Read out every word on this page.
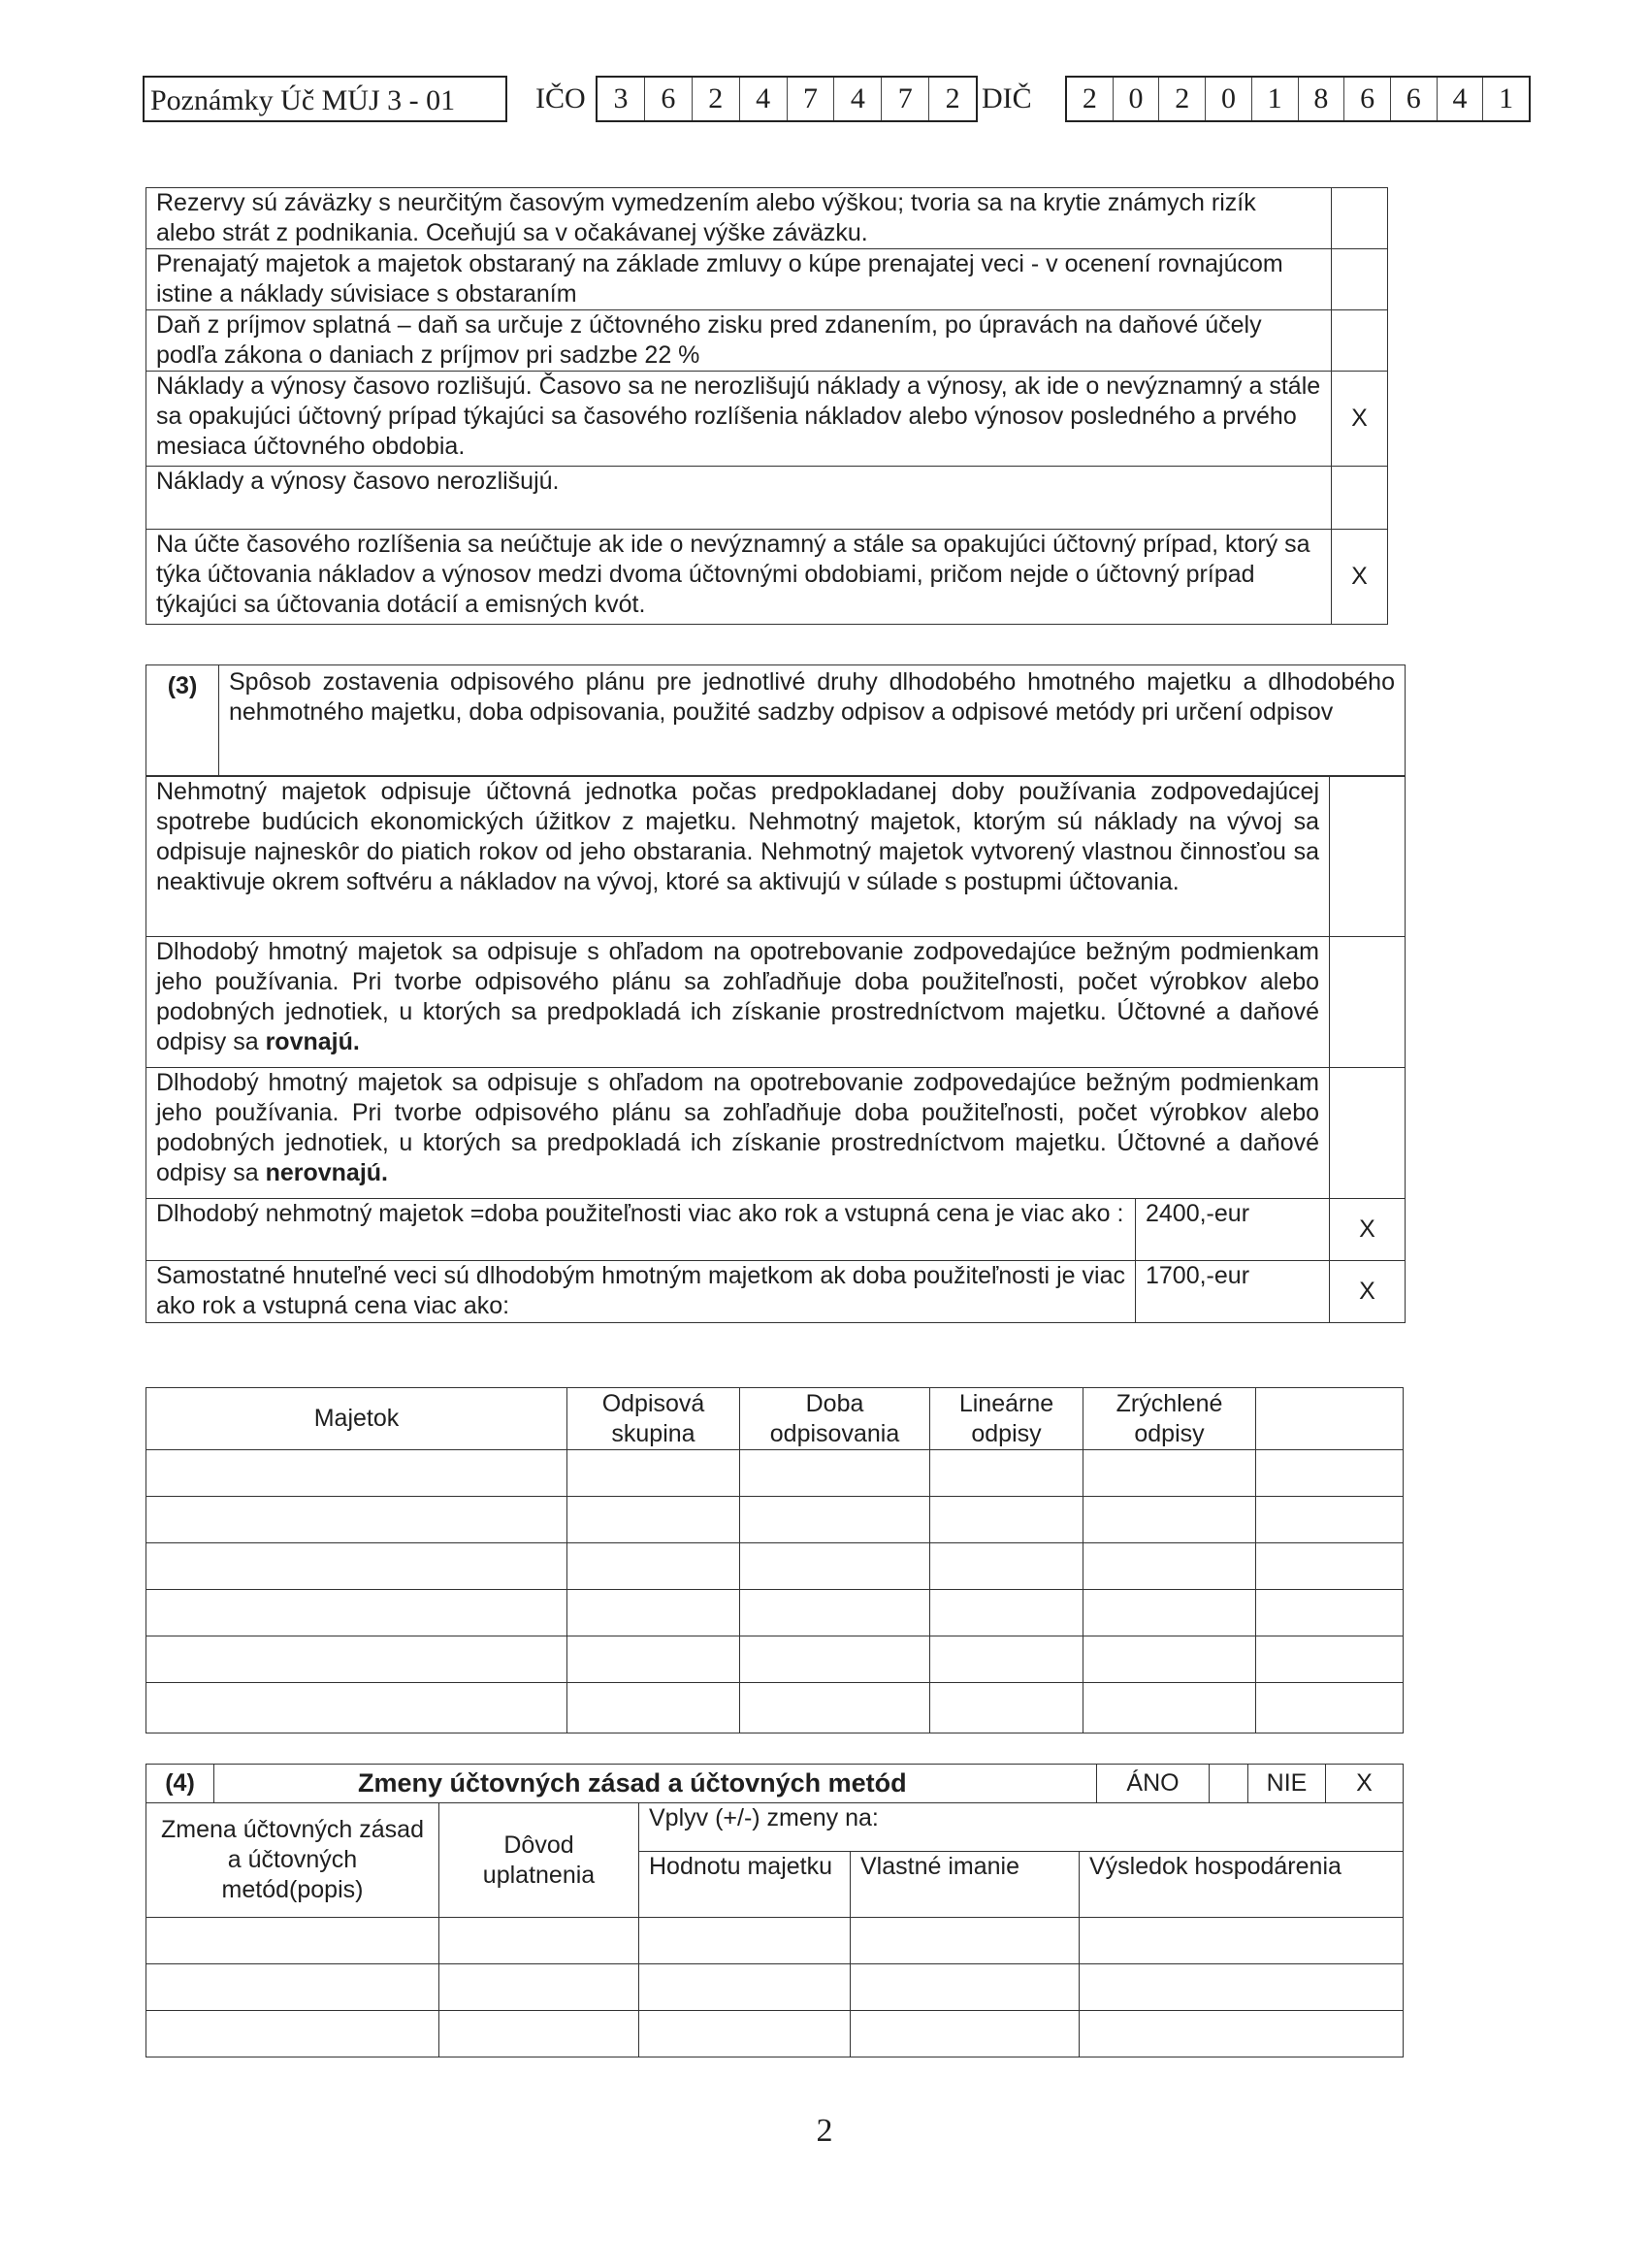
Poznámky Úč MÚJ 3 - 01	IČO 3	6	2	4	7	4	7	2 DIČ	2	0	2	0	1	8	6	6	4	1
Rezervy sú záväzky s neurčitým časovým vymedzením alebo výškou; tvoria sa na krytie známych rizík alebo strát z podnikania. Oceňujú sa v očakávanej výške záväzku.	
Prenajatý majetok a majetok obstaraný na základe zmluvy o kúpe prenajatej veci - v ocenení rovnajúcom istine a náklady súvisiace s obstaraním	
Daň z príjmov splatná – daň sa určuje z účtovného zisku pred zdanením, po úpravách na daňové účely podľa zákona o daniach z príjmov pri sadzbe 22 %	
Náklady a výnosy časovo rozlišujú. Časovo sa ne nerozlišujú náklady a výnosy, ak ide o nevýznamný a stále sa opakujúci účtovný prípad týkajúci sa časového rozlíšenia nákladov alebo výnosov posledného a prvého mesiaca účtovného obdobia.	X
Náklady a výnosy časovo nerozlišujú.	
Na účte časového rozlíšenia sa neúčtuje ak ide o nevýznamný a stále sa opakujúci účtovný prípad, ktorý sa týka účtovania nákladov a výnosov medzi dvoma účtovnými obdobiami, pričom nejde o účtovný prípad týkajúci sa účtovania dotácií a emisných kvót.	X
(3)	Spôsob zostavenia odpisového plánu pre jednotlivé druhy dlhodobého hmotného majetku a dlhodobého nehmotného majetku, doba odpisovania, použité sadzby odpisov a odpisové metódy pri určení odpisov
Nehmotný majetok odpisuje účtovná jednotka počas predpokladanej doby používania zodpovedajúcej spotrebe budúcich ekonomických úžitkov z majetku. Nehmotný majetok, ktorým sú náklady na vývoj sa odpisuje najneskôr do piatich rokov od jeho obstarania. Nehmotný majetok vytvorený vlastnou činnosťou sa neaktivuje okrem softvéru a nákladov na vývoj, ktoré sa aktivujú v súlade s postupmi účtovania.		
Dlhodobý hmotný majetok sa odpisuje s ohľadom na opotrebovanie zodpovedajúce bežným podmienkam jeho používania. Pri tvorbe odpisového plánu sa zohľadňuje doba použiteľnosti, počet výrobkov alebo podobných jednotiek, u ktorých sa predpokladá ich získanie prostredníctvom majetku. Účtovné a daňové odpisy sa rovnajú.		
Dlhodobý hmotný majetok sa odpisuje s ohľadom na opotrebovanie zodpovedajúce bežným podmienkam jeho používania. Pri tvorbe odpisového plánu sa zohľadňuje doba použiteľnosti, počet výrobkov alebo podobných jednotiek, u ktorých sa predpokladá ich získanie prostredníctvom majetku. Účtovné a daňové odpisy sa nerovnajú.		
Dlhodobý nehmotný majetok =doba použiteľnosti viac ako rok a vstupná cena je viac ako :	2400,-eur	X
Samostatné hnuteľné veci sú dlhodobým hmotným majetkom ak doba použiteľnosti je viac ako rok a vstupná cena viac ako:	1700,-eur	X
Majetok	Odpisová skupina	Doba odpisovania	Lineárne odpisy	Zrýchlené odpisy	

(4)	Zmeny účtovných zásad a účtovných metód	ÁNO		NIE	X
Zmena účtovných zásad a účtovných metód(popis)	Dôvod uplatnenia	Vplyv (+/-) zmeny na:		
		Hodnotu majetku	Vlastné imanie	Výsledok hospodárenia

2
